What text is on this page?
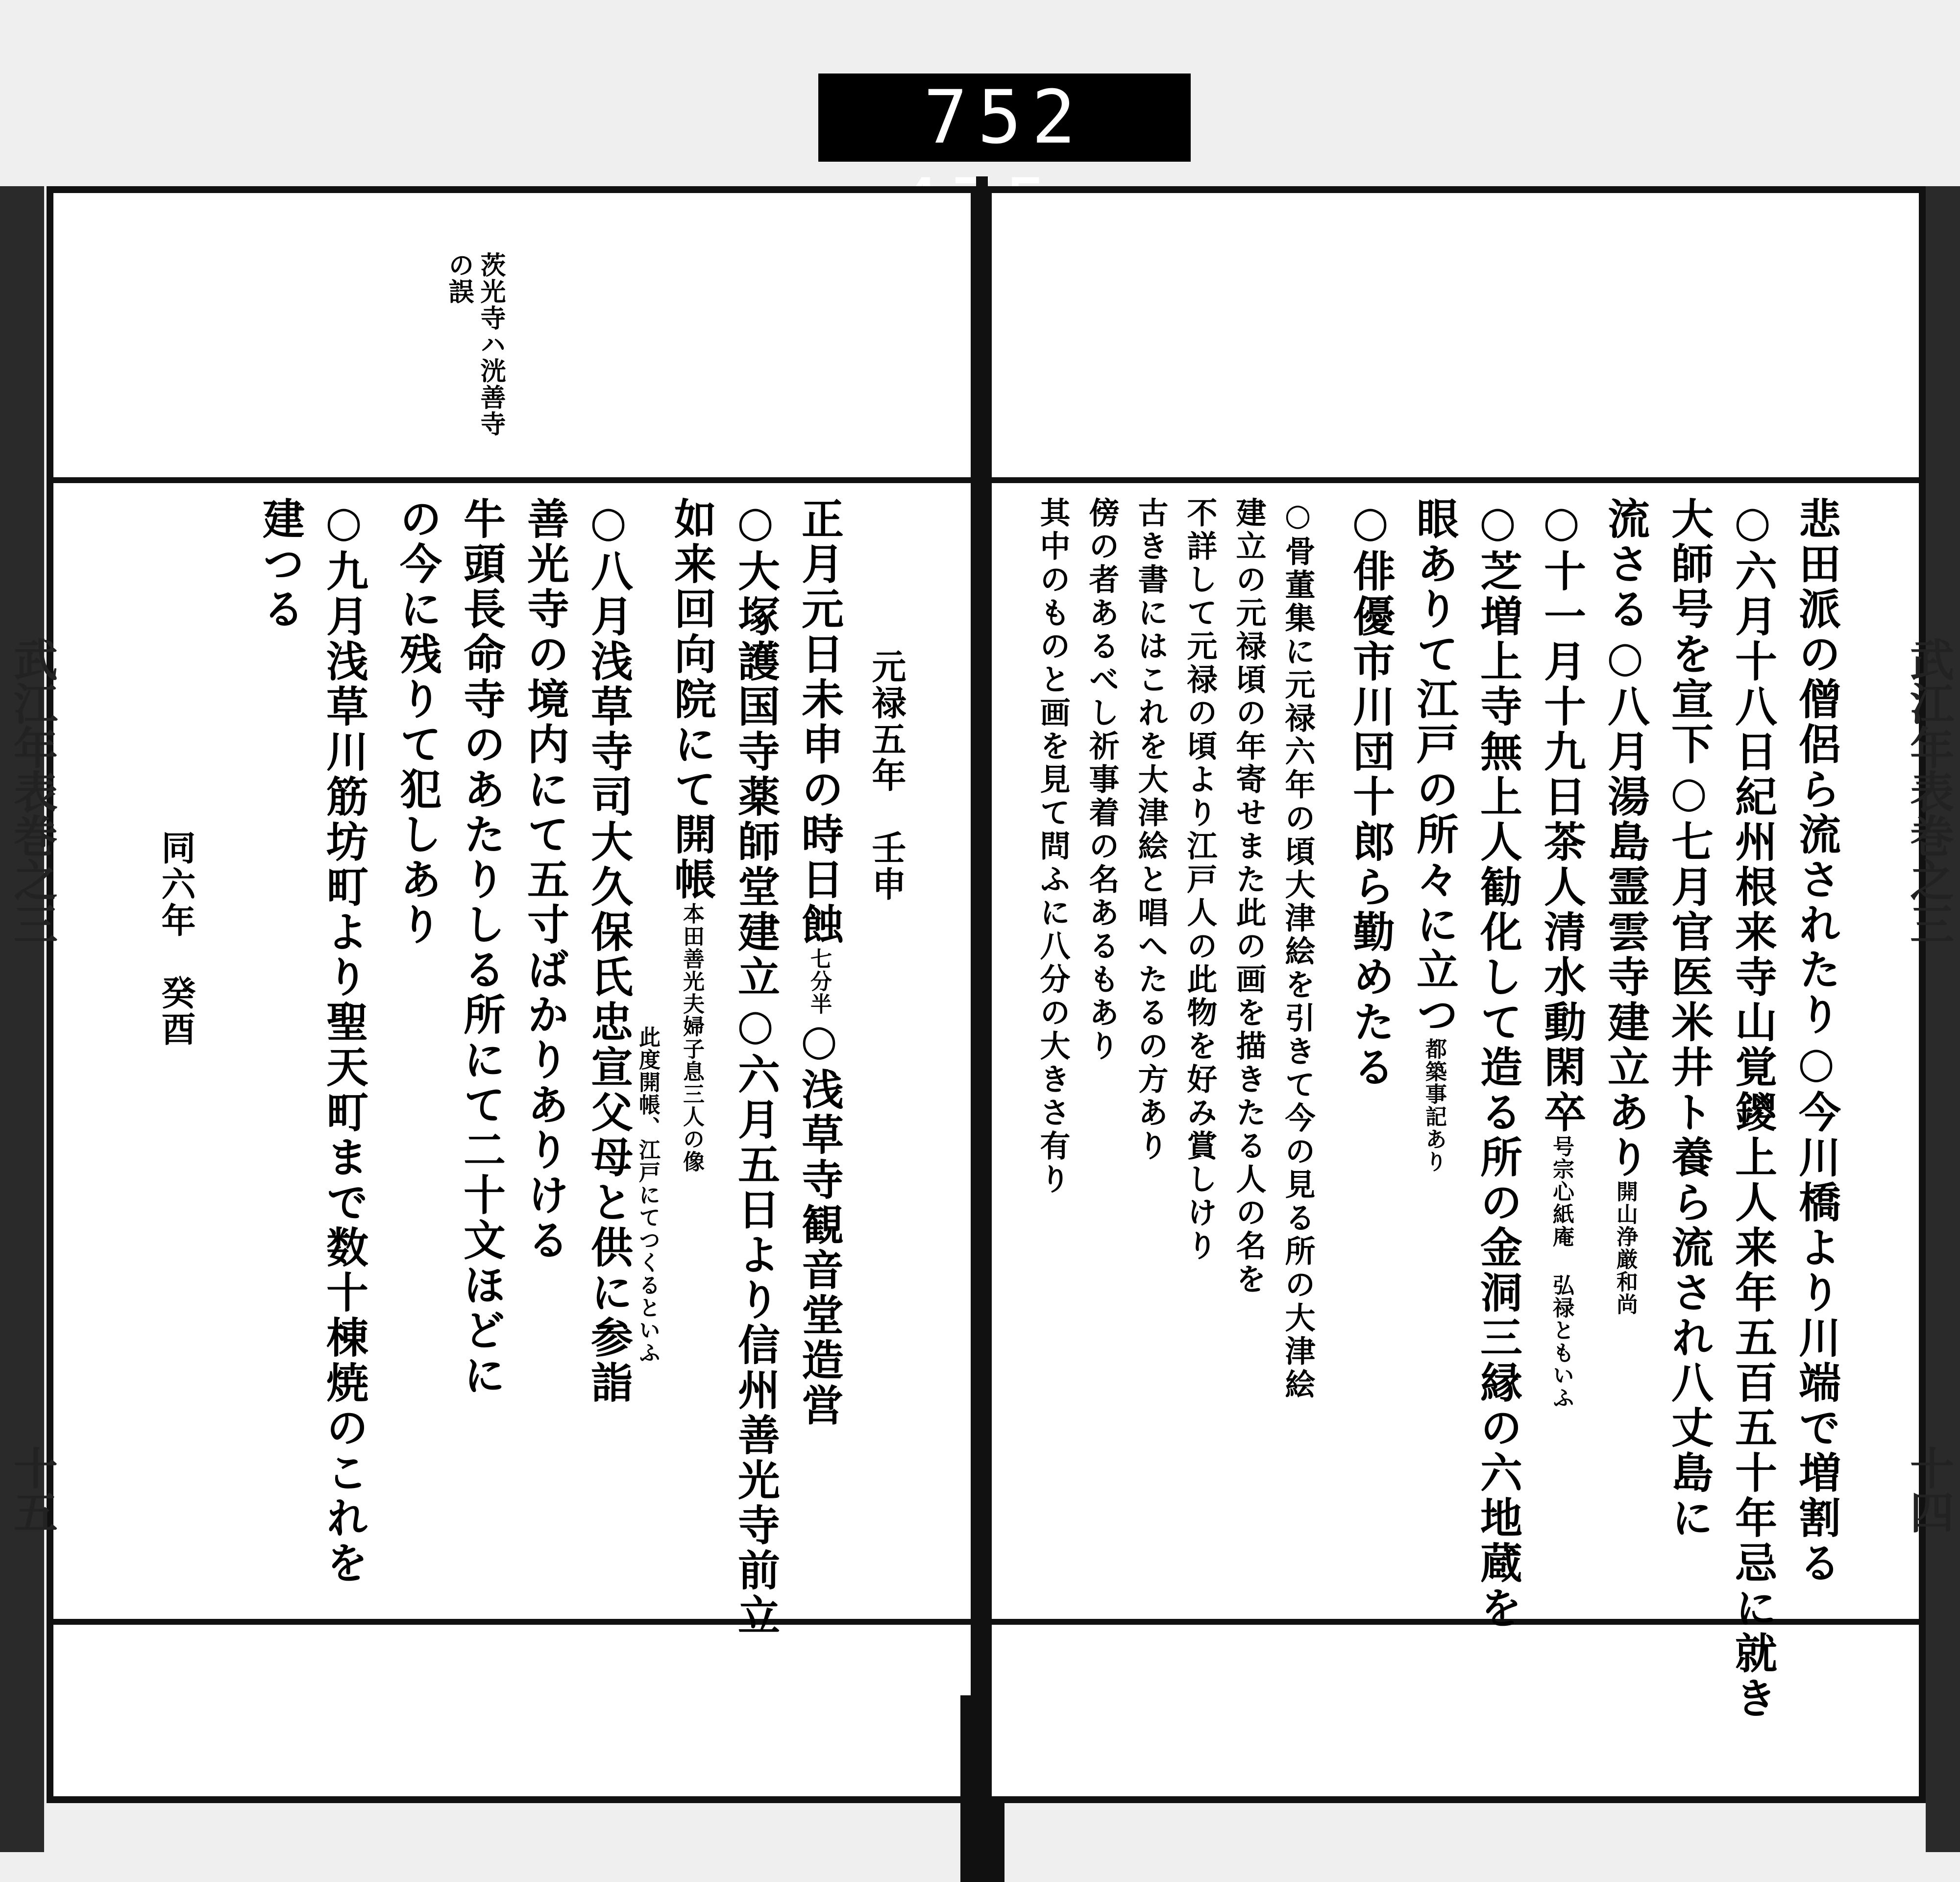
752
茨光寺ハ洸善寺
の誤
元禄五年　壬申
正月元日未申の時日蝕七分半○浅草寺観音堂造営
○大塚護国寺薬師堂建立○六月五日より信州善光寺前立
如来回向院にて開帳本田善光夫婦子息三人の像
此度開帳、江戸にてつくるといふ
○八月浅草寺司大久保氏忠宣父母と供に参詣
善光寺の境内にて五寸ばかりありける
牛頭長命寺のあたりしる所にて二十文ほどに
の今に残りて犯しあり
○九月浅草川筋坊町より聖天町まで数十棟焼のこれを
建つる
同六年　癸酉	悲田派の僧侶ら流されたり○今川橋より川端で増割る
○六月十八日紀州根来寺山覚鑁上人来年五百五十年忌に就き
大師号を宣下○七月官医米井ト養ら流され八丈島に
流さる○八月湯島霊雲寺建立あり開山浄厳和尚
○十一月十九日茶人清水動閑卒号宗心紙庵 弘禄ともいふ
○芝増上寺無上人勧化して造る所の金洞三縁の六地蔵を
眼ありて江戸の所々に立つ都築事記あり
○俳優市川団十郎ら勤めたる
○骨董集に元禄六年の頃大津絵を引きて今の見る所の大津絵
建立の元禄頃の年寄せまた此の画を描きたる人の名を
不詳して元禄の頃より江戸人の此物を好み賞しけり
古き書にはこれを大津絵と唱へたるの方あり
傍の者あるべし祈事着の名あるもあり
其中のものと画を見て問ふに八分の大きさ有り
武江年表巻之三
十五
武江年表巻之三
十四
